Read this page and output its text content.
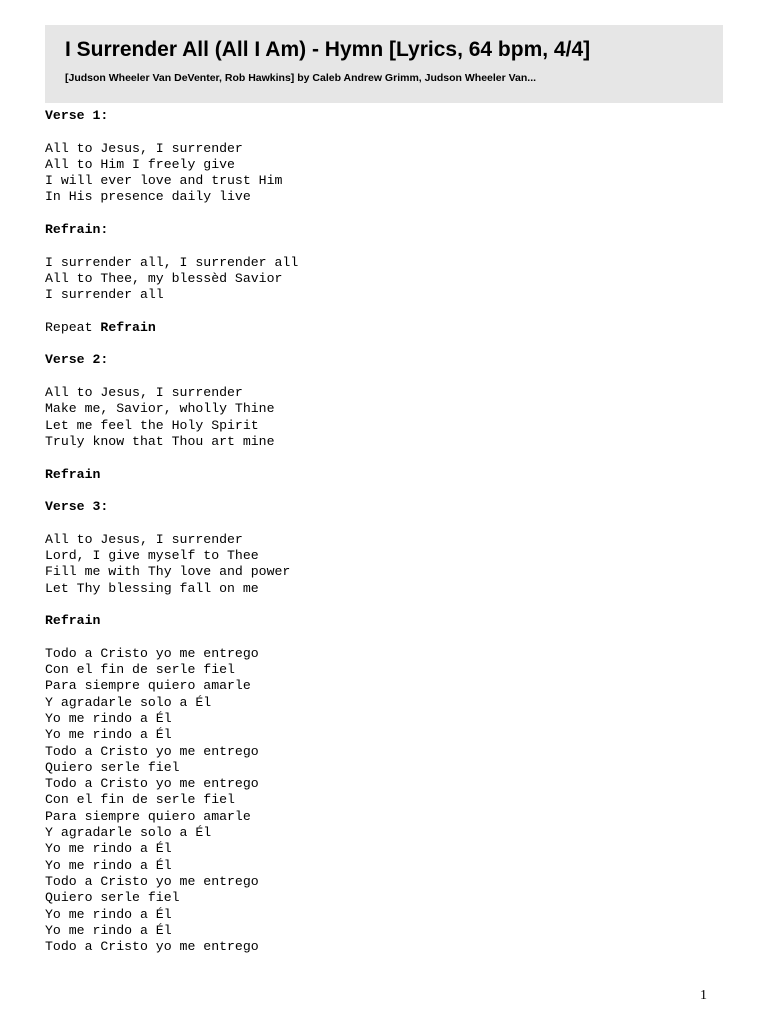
I Surrender All (All I Am) - Hymn [Lyrics, 64 bpm, 4/4]
[Judson Wheeler Van DeVenter, Rob Hawkins] by Caleb Andrew Grimm, Judson Wheeler Van...
Verse 1:
All to Jesus, I surrender
All to Him I freely give
I will ever love and trust Him
In His presence daily live
Refrain:
I surrender all, I surrender all
All to Thee, my blessèd Savior
I surrender all
Repeat Refrain
Verse 2:
All to Jesus, I surrender
Make me, Savior, wholly Thine
Let me feel the Holy Spirit
Truly know that Thou art mine
Refrain
Verse 3:
All to Jesus, I surrender
Lord, I give myself to Thee
Fill me with Thy love and power
Let Thy blessing fall on me
Refrain
Todo a Cristo yo me entrego
Con el fin de serle fiel
Para siempre quiero amarle
Y agradarle solo a Él
Yo me rindo a Él
Yo me rindo a Él
Todo a Cristo yo me entrego
Quiero serle fiel
Todo a Cristo yo me entrego
Con el fin de serle fiel
Para siempre quiero amarle
Y agradarle solo a Él
Yo me rindo a Él
Yo me rindo a Él
Todo a Cristo yo me entrego
Quiero serle fiel
Yo me rindo a Él
Yo me rindo a Él
Todo a Cristo yo me entrego
1
